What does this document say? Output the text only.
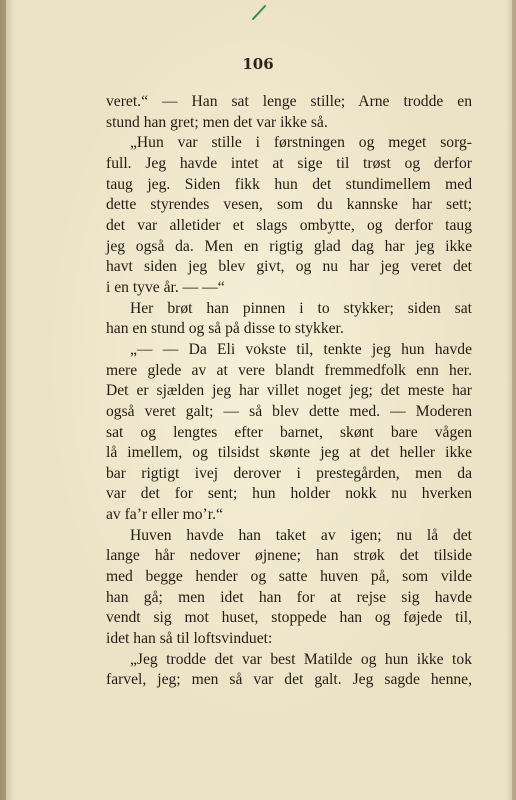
106
veret.“ — Han sat lenge stille; Arne trodde en
stund han gret; men det var ikke så.
„Hun var stille i førstningen og meget sorg-
full. Jeg havde intet at sige til trøst og derfor
taug jeg. Siden fikk hun det stundimellem med
dette styrendes vesen, som du kannske har sett;
det var alletider et slags ombytte, og derfor taug
jeg også da. Men en rigtig glad dag har jeg ikke
havt siden jeg blev givt, og nu har jeg veret det
i en tyve år. — —“
Her brøt han pinnen i to stykker; siden sat
han en stund og så på disse to stykker.
„— — Da Eli vokste til, tenkte jeg hun havde
mere glede av at vere blandt fremmedfolk enn her.
Det er sjælden jeg har villet noget jeg; det meste har
også veret galt; — så blev dette med. — Moderen
sat og lengtes efter barnet, skønt bare vågen
lå imellem, og tilsidst skønte jeg at det heller ikke
bar rigtigt ivej derover i prestegården, men da
var det for sent; hun holder nokk nu hverken
av fa’r eller mo’r.“
Huven havde han taket av igen; nu lå det
lange hår nedover øjnene; han strøk det tilside
med begge hender og satte huven på, som vilde
han gå; men idet han for at rejse sig havde
vendt sig mot huset, stoppede han og føjede til,
idet han så til loftsvinduet:
„Jeg trodde det var best Matilde og hun ikke tok
farvel, jeg; men så var det galt. Jeg sagde henne,
